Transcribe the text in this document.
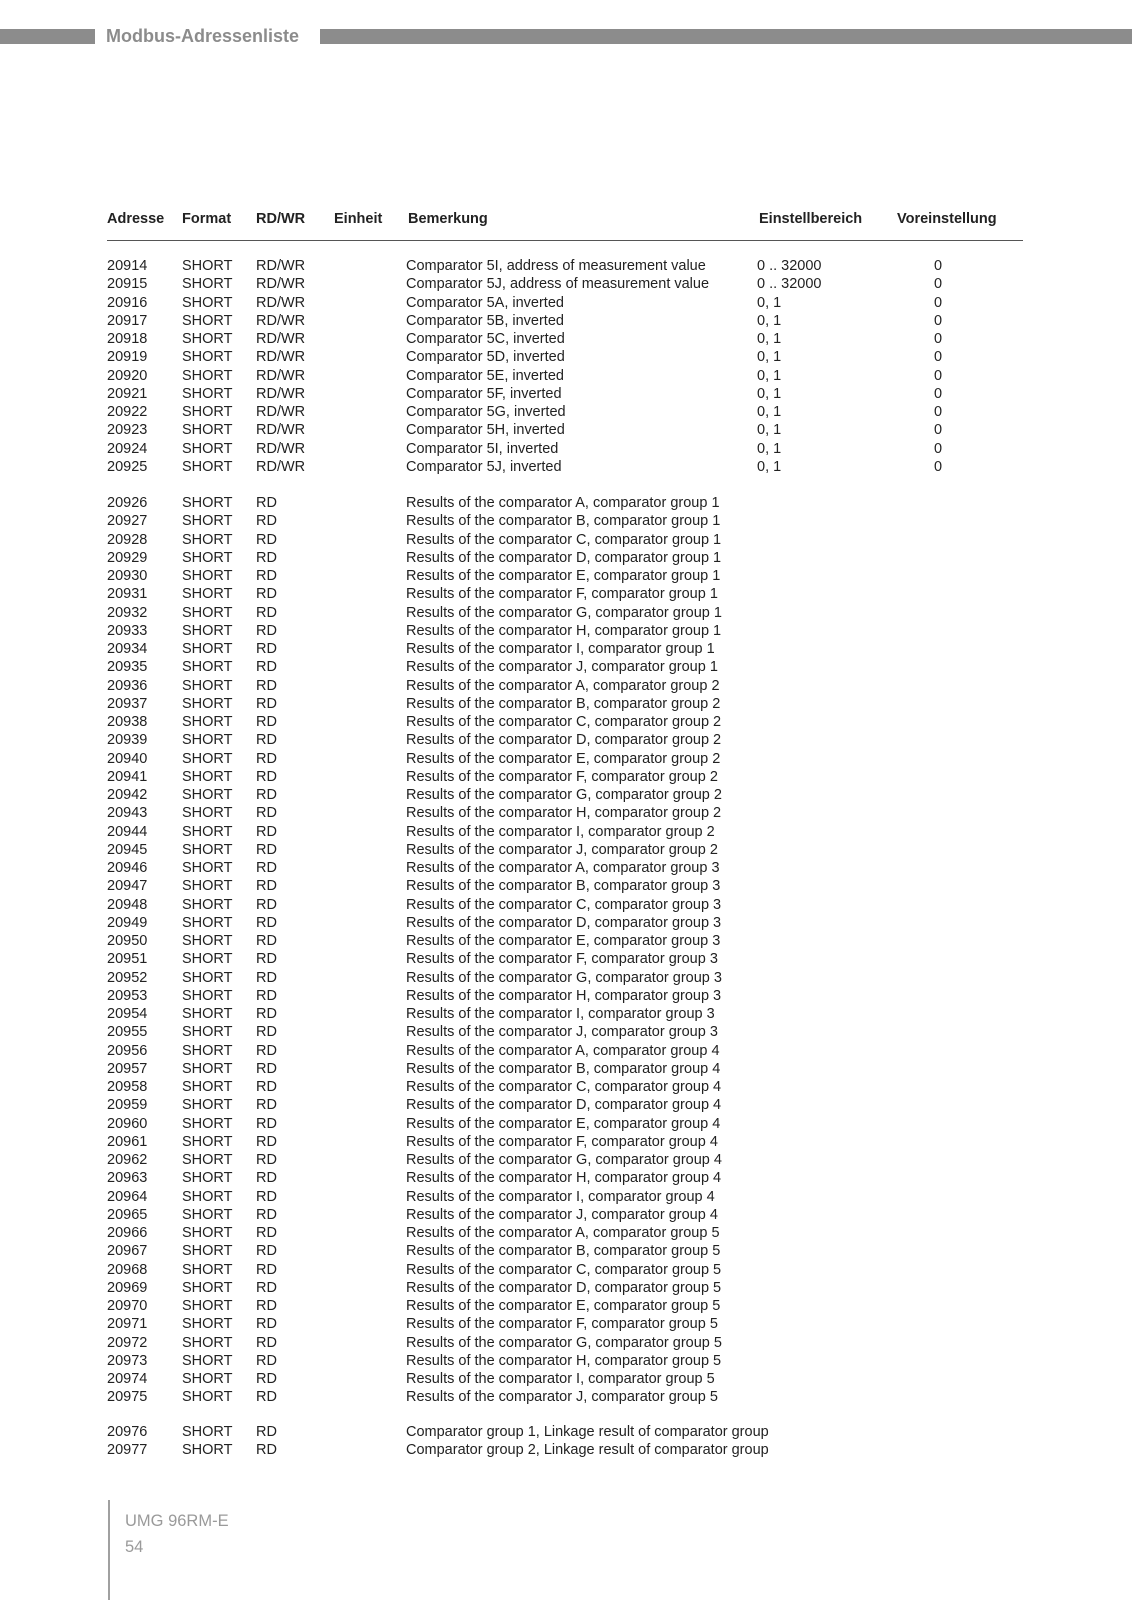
Modbus-Adressenliste
Adresse Format RD/WR Einheit Bemerkung	Einstellbereich Voreinstellung
20914 SHORT RD/WR	Comparator 5I, address of measurement value	0 .. 32000	0
20915 SHORT RD/WR	Comparator 5J, address of measurement value	0 .. 32000	0
20916 SHORT RD/WR	Comparator 5A, inverted	0, 1	0
20917 SHORT RD/WR	Comparator 5B, inverted	0, 1	0
20918 SHORT RD/WR	Comparator 5C, inverted	0, 1	0
20919 SHORT RD/WR	Comparator 5D, inverted	0, 1	0
20920 SHORT RD/WR	Comparator 5E, inverted	0, 1	0
20921 SHORT RD/WR	Comparator 5F, inverted	0, 1	0
20922 SHORT RD/WR	Comparator 5G, inverted	0, 1	0
20923 SHORT RD/WR	Comparator 5H, inverted	0, 1	0
20924 SHORT RD/WR	Comparator 5I, inverted	0, 1	0
20925 SHORT RD/WR	Comparator 5J, inverted	0, 1	0
20926 SHORT RD	Results of the comparator A, comparator group 1
20927 SHORT RD	Results of the comparator B, comparator group 1
20928 SHORT RD	Results of the comparator C, comparator group 1
20929 SHORT RD	Results of the comparator D, comparator group 1
20930 SHORT RD	Results of the comparator E, comparator group 1
20931 SHORT RD	Results of the comparator F, comparator group 1
20932 SHORT RD	Results of the comparator G, comparator group 1
20933 SHORT RD	Results of the comparator H, comparator group 1
20934 SHORT RD	Results of the comparator I, comparator group 1
20935 SHORT RD	Results of the comparator J, comparator group 1
20936 SHORT RD	Results of the comparator A, comparator group 2
20937 SHORT RD	Results of the comparator B, comparator group 2
20938 SHORT RD	Results of the comparator C, comparator group 2
20939 SHORT RD	Results of the comparator D, comparator group 2
20940 SHORT RD	Results of the comparator E, comparator group 2
20941 SHORT RD	Results of the comparator F, comparator group 2
20942 SHORT RD	Results of the comparator G, comparator group 2
20943 SHORT RD	Results of the comparator H, comparator group 2
20944 SHORT RD	Results of the comparator I, comparator group 2
20945 SHORT RD	Results of the comparator J, comparator group 2
20946 SHORT RD	Results of the comparator A, comparator group 3
20947 SHORT RD	Results of the comparator B, comparator group 3
20948 SHORT RD	Results of the comparator C, comparator group 3
20949 SHORT RD	Results of the comparator D, comparator group 3
20950 SHORT RD	Results of the comparator E, comparator group 3
20951 SHORT RD	Results of the comparator F, comparator group 3
20952 SHORT RD	Results of the comparator G, comparator group 3
20953 SHORT RD	Results of the comparator H, comparator group 3
20954 SHORT RD	Results of the comparator I, comparator group 3
20955 SHORT RD	Results of the comparator J, comparator group 3
20956 SHORT RD	Results of the comparator A, comparator group 4
20957 SHORT RD	Results of the comparator B, comparator group 4
20958 SHORT RD	Results of the comparator C, comparator group 4
20959 SHORT RD	Results of the comparator D, comparator group 4
20960 SHORT RD	Results of the comparator E, comparator group 4
20961 SHORT RD	Results of the comparator F, comparator group 4
20962 SHORT RD	Results of the comparator G, comparator group 4
20963 SHORT RD	Results of the comparator H, comparator group 4
20964 SHORT RD	Results of the comparator I, comparator group 4
20965 SHORT RD	Results of the comparator J, comparator group 4
20966 SHORT RD	Results of the comparator A, comparator group 5
20967 SHORT RD	Results of the comparator B, comparator group 5
20968 SHORT RD	Results of the comparator C, comparator group 5
20969 SHORT RD	Results of the comparator D, comparator group 5
20970 SHORT RD	Results of the comparator E, comparator group 5
20971 SHORT RD	Results of the comparator F, comparator group 5
20972 SHORT RD	Results of the comparator G, comparator group 5
20973 SHORT RD	Results of the comparator H, comparator group 5
20974 SHORT RD	Results of the comparator I, comparator group 5
20975 SHORT RD	Results of the comparator J, comparator group 5
20976 SHORT RD	Comparator group 1, Linkage result of comparator group
20977 SHORT RD	Comparator group 2, Linkage result of comparator group
UMG 96RM-E
54
